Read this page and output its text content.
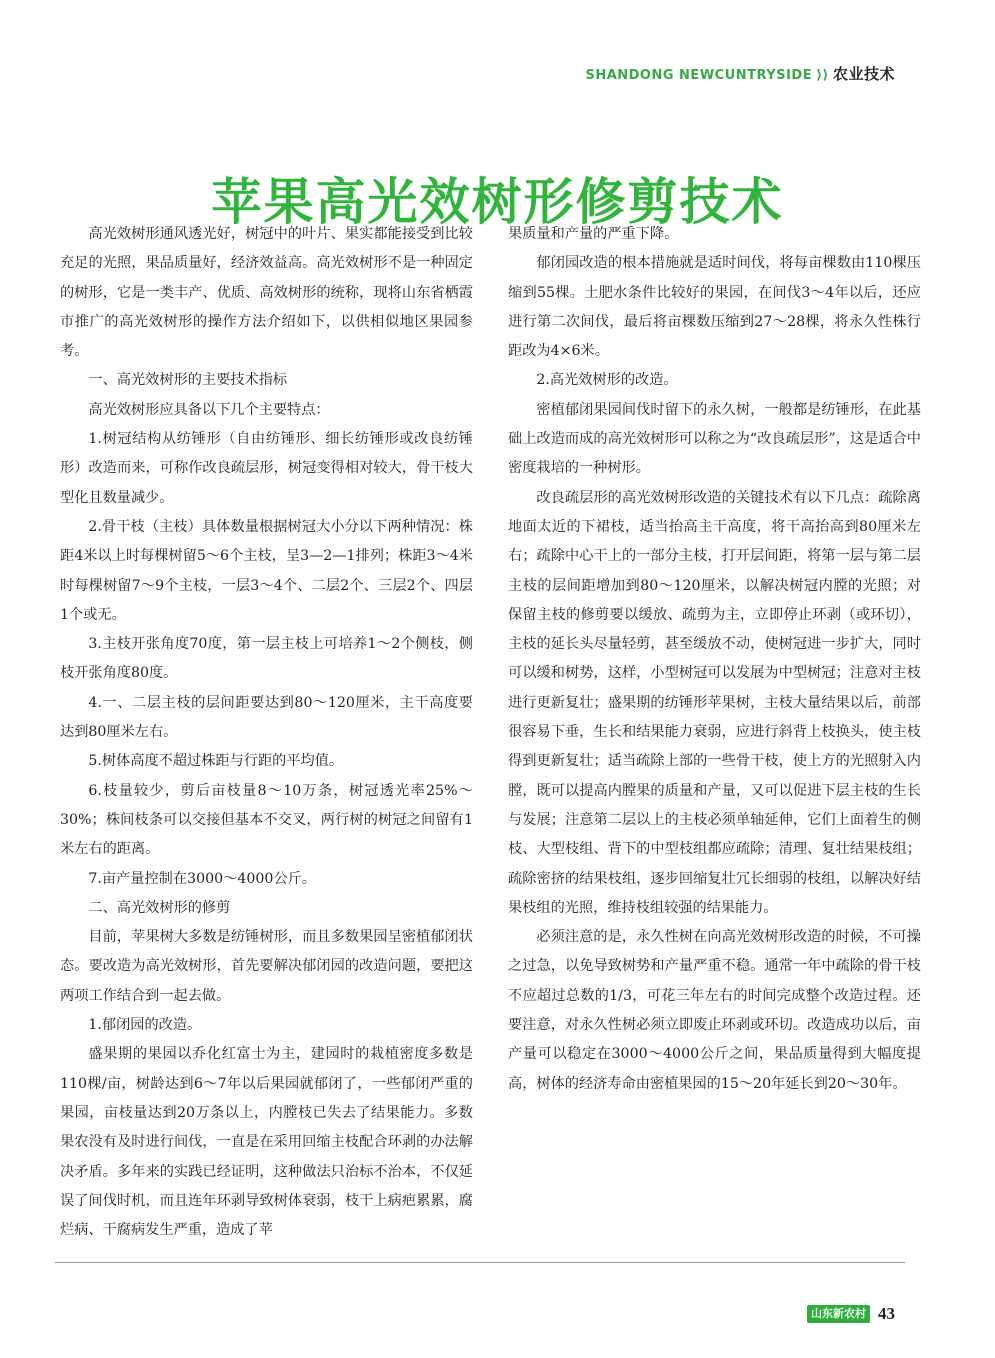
SHANDONG NEWCUNTRYSIDE ⟩⟩ 农业技术
苹果高光效树形修剪技术

高光效树形通风透光好，树冠中的叶片、果实都能接受到比较充足的光照，果品质量好，经济效益高。高光效树形不是一种固定的树形，它是一类丰产、优质、高效树形的统称，现将山东省栖霞市推广的高光效树形的操作方法介绍如下，以供相似地区果园参考。

一、高光效树形的主要技术指标

高光效树形应具备以下几个主要特点：

1.树冠结构从纺锤形（自由纺锤形、细长纺锤形或改良纺锤形）改造而来，可称作改良疏层形，树冠变得相对较大，骨干枝大型化且数量减少。

2.骨干枝（主枝）具体数量根据树冠大小分以下两种情况：株距4米以上时每棵树留5～6个主枝，呈3—2—1排列；株距3～4米时每棵树留7～9个主枝，一层3～4个、二层2个、三层2个、四层1个或无。

3.主枝开张角度70度，第一层主枝上可培养1～2个侧枝，侧枝开张角度80度。

4.一、二层主枝的层间距要达到80～120厘米，主干高度要达到80厘米左右。

5.树体高度不超过株距与行距的平均值。

6.枝量较少，剪后亩枝量8～10万条，树冠透光率25%～30%；株间枝条可以交接但基本不交叉，两行树的树冠之间留有1米左右的距离。

7.亩产量控制在3000～4000公斤。

二、高光效树形的修剪

目前，苹果树大多数是纺锤树形，而且多数果园呈密植郁闭状态。要改造为高光效树形，首先要解决郁闭园的改造问题，要把这两项工作结合到一起去做。

1.郁闭园的改造。

盛果期的果园以乔化红富士为主，建园时的栽植密度多数是110棵/亩，树龄达到6～7年以后果园就郁闭了，一些郁闭严重的果园，亩枝量达到20万条以上，内膛枝已失去了结果能力。多数果农没有及时进行间伐，一直是在采用回缩主枝配合环剥的办法解决矛盾。多年来的实践已经证明，这种做法只治标不治本，不仅延误了间伐时机，而且连年环剥导致树体衰弱，枝干上病疤累累，腐烂病、干腐病发生严重，造成了苹

果质量和产量的严重下降。

郁闭园改造的根本措施就是适时间伐，将每亩棵数由110棵压缩到55棵。土肥水条件比较好的果园，在间伐3～4年以后，还应进行第二次间伐，最后将亩棵数压缩到27～28棵，将永久性株行距改为4×6米。

2.高光效树形的改造。

密植郁闭果园间伐时留下的永久树，一般都是纺锤形，在此基础上改造而成的高光效树形可以称之为“改良疏层形”，这是适合中密度栽培的一种树形。

改良疏层形的高光效树形改造的关键技术有以下几点：疏除离地面太近的下裙枝，适当抬高主干高度，将干高抬高到80厘米左右；疏除中心干上的一部分主枝，打开层间距，将第一层与第二层主枝的层间距增加到80～120厘米，以解决树冠内膛的光照；对保留主枝的修剪要以缓放、疏剪为主，立即停止环剥（或环切），主枝的延长头尽量轻剪，甚至缓放不动，使树冠进一步扩大，同时可以缓和树势，这样，小型树冠可以发展为中型树冠；注意对主枝进行更新复壮；盛果期的纺锤形苹果树，主枝大量结果以后，前部很容易下垂，生长和结果能力衰弱，应进行斜背上枝换头，使主枝得到更新复壮；适当疏除上部的一些骨干枝，使上方的光照射入内膛，既可以提高内膛果的质量和产量，又可以促进下层主枝的生长与发展；注意第二层以上的主枝必须单轴延伸，它们上面着生的侧枝、大型枝组、背下的中型枝组都应疏除；清理、复壮结果枝组；疏除密挤的结果枝组，逐步回缩复壮冗长细弱的枝组，以解决好结果枝组的光照，维持枝组较强的结果能力。

必须注意的是，永久性树在向高光效树形改造的时候，不可操之过急，以免导致树势和产量严重不稳。通常一年中疏除的骨干枝不应超过总数的1/3，可花三年左右的时间完成整个改造过程。还要注意，对永久性树必须立即废止环剥或环切。改造成功以后，亩产量可以稳定在3000～4000公斤之间，果品质量得到大幅度提高，树体的经济寿命由密植果园的15～20年延长到20～30年。

山东新农村 43
